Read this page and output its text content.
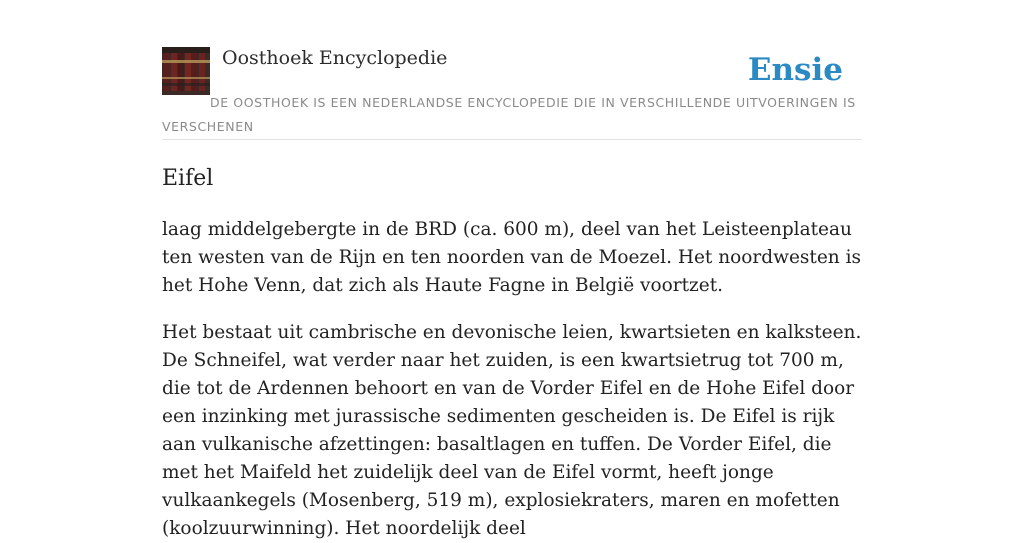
Oosthoek Encyclopedie	Ensie
DE OOSTHOEK IS EEN NEDERLANDSE ENCYCLOPEDIE DIE IN VERSCHILLENDE UITVOERINGEN IS VERSCHENEN
Eifel

laag middelgebergte in de BRD (ca. 600 m), deel van het Leisteenplateau ten westen van de Rijn en ten noorden van de Moezel. Het noordwesten is het Hohe Venn, dat zich als Haute Fagne in België voortzet.

Het bestaat uit cambrische en devonische leien, kwartsieten en kalksteen. De Schneifel, wat verder naar het zuiden, is een kwartsietrug tot 700 m, die tot de Ardennen behoort en van de Vorder Eifel en de Hohe Eifel door een inzinking met jurassische sedimenten gescheiden is. De Eifel is rijk aan vulkanische afzettingen: basaltlagen en tuffen. De Vorder Eifel, die met het Maifeld het zuidelijk deel van de Eifel vormt, heeft jonge vulkaankegels (Mosenberg, 519 m), explosiekraters, maren en mofetten (koolzuurwinning). Het noordelijk deel
